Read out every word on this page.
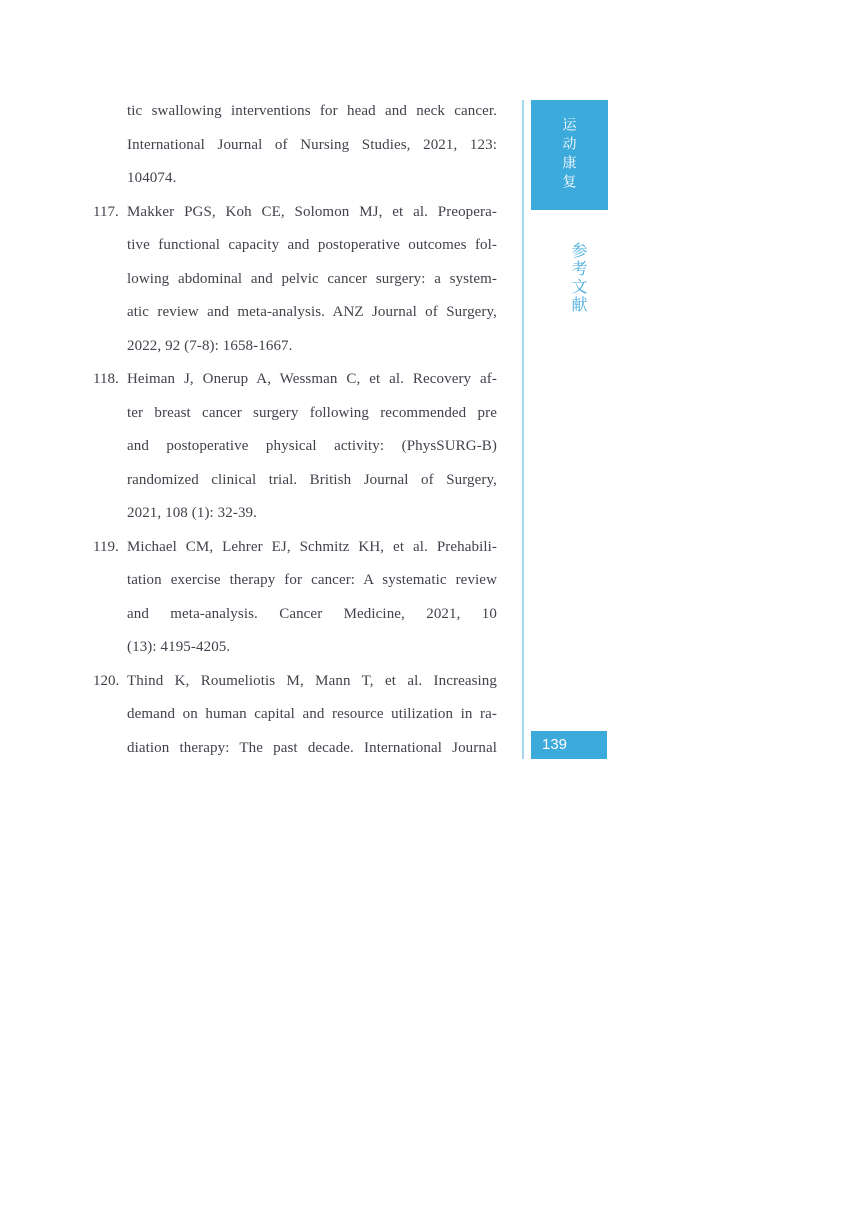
tic swallowing interventions for head and neck cancer.
International Journal of Nursing Studies, 2021, 123:
104074.
117. Makker PGS, Koh CE, Solomon MJ, et al. Preopera-
tive functional capacity and postoperative outcomes fol-
lowing abdominal and pelvic cancer surgery: a system-
atic review and meta-analysis. ANZ Journal of Surgery,
2022, 92 (7-8): 1658-1667.
118. Heiman J, Onerup A, Wessman C, et al. Recovery af-
ter breast cancer surgery following recommended pre
and postoperative physical activity: (PhysSURG-B)
randomized clinical trial. British Journal of Surgery,
2021, 108 (1): 32-39.
119. Michael CM, Lehrer EJ, Schmitz KH, et al. Prehabili-
tation exercise therapy for cancer: A systematic review
and meta-analysis. Cancer Medicine, 2021, 10
(13): 4195-4205.
120. Thind K, Roumeliotis M, Mann T, et al. Increasing
demand on human capital and resource utilization in ra-
diation therapy: The past decade. International Journal
运动康复
参考文献
139
